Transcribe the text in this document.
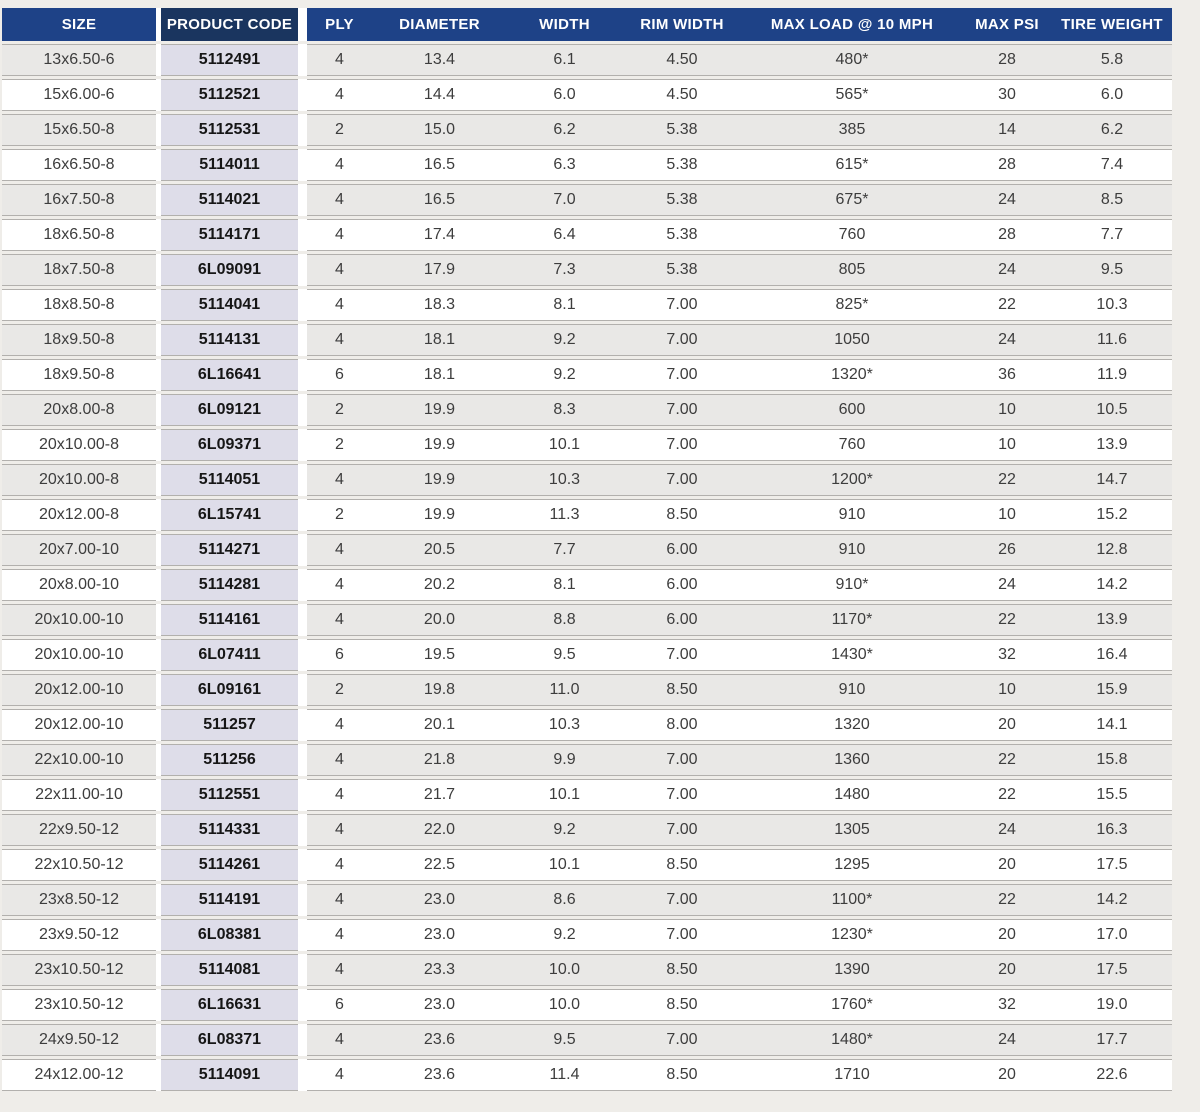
SIZE		PRODUCT CODE		PLY	DIAMETER	WIDTH	RIM WIDTH	MAX LOAD @ 10 MPH	MAX PSI	TIRE WEIGHT
13x6.50-6		5112491		4	13.4	6.1	4.50	480*	28	5.8
15x6.00-6		5112521		4	14.4	6.0	4.50	565*	30	6.0
15x6.50-8		5112531		2	15.0	6.2	5.38	385	14	6.2
16x6.50-8		5114011		4	16.5	6.3	5.38	615*	28	7.4
16x7.50-8		5114021		4	16.5	7.0	5.38	675*	24	8.5
18x6.50-8		5114171		4	17.4	6.4	5.38	760	28	7.7
18x7.50-8		6L09091		4	17.9	7.3	5.38	805	24	9.5
18x8.50-8		5114041		4	18.3	8.1	7.00	825*	22	10.3
18x9.50-8		5114131		4	18.1	9.2	7.00	1050	24	11.6
18x9.50-8		6L16641		6	18.1	9.2	7.00	1320*	36	11.9
20x8.00-8		6L09121		2	19.9	8.3	7.00	600	10	10.5
20x10.00-8		6L09371		2	19.9	10.1	7.00	760	10	13.9
20x10.00-8		5114051		4	19.9	10.3	7.00	1200*	22	14.7
20x12.00-8		6L15741		2	19.9	11.3	8.50	910	10	15.2
20x7.00-10		5114271		4	20.5	7.7	6.00	910	26	12.8
20x8.00-10		5114281		4	20.2	8.1	6.00	910*	24	14.2
20x10.00-10		5114161		4	20.0	8.8	6.00	1170*	22	13.9
20x10.00-10		6L07411		6	19.5	9.5	7.00	1430*	32	16.4
20x12.00-10		6L09161		2	19.8	11.0	8.50	910	10	15.9
20x12.00-10		511257		4	20.1	10.3	8.00	1320	20	14.1
22x10.00-10		511256		4	21.8	9.9	7.00	1360	22	15.8
22x11.00-10		5112551		4	21.7	10.1	7.00	1480	22	15.5
22x9.50-12		5114331		4	22.0	9.2	7.00	1305	24	16.3
22x10.50-12		5114261		4	22.5	10.1	8.50	1295	20	17.5
23x8.50-12		5114191		4	23.0	8.6	7.00	1100*	22	14.2
23x9.50-12		6L08381		4	23.0	9.2	7.00	1230*	20	17.0
23x10.50-12		5114081		4	23.3	10.0	8.50	1390	20	17.5
23x10.50-12		6L16631		6	23.0	10.0	8.50	1760*	32	19.0
24x9.50-12		6L08371		4	23.6	9.5	7.00	1480*	24	17.7
24x12.00-12		5114091		4	23.6	11.4	8.50	1710	20	22.6
